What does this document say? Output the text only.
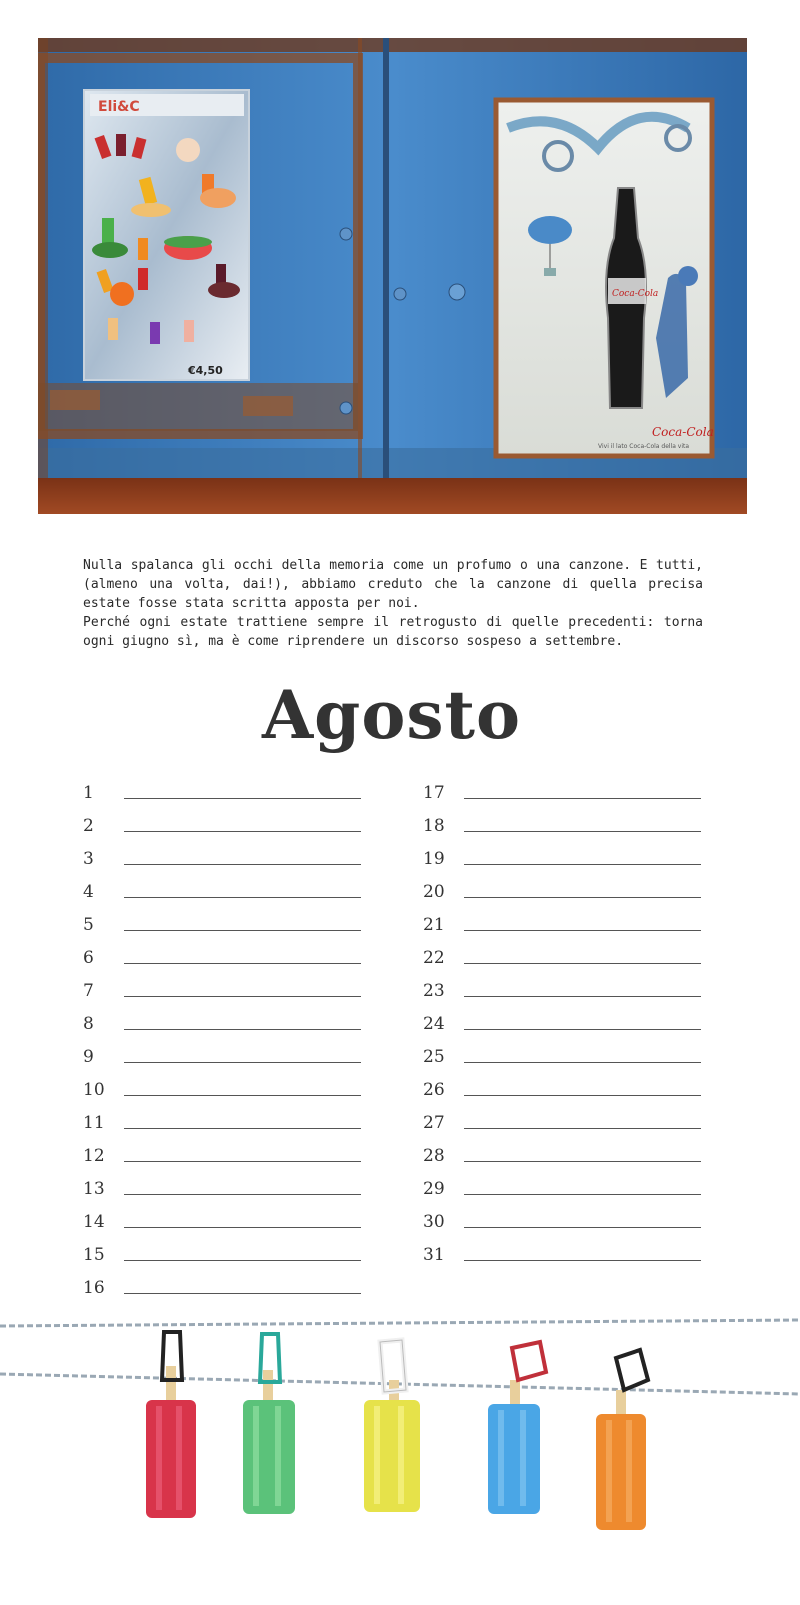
Eli&C
€4,50
Coca-Cola
Coca-Cola
Vivi il lato Coca-Cola della vita

Nulla spalanca gli occhi della memoria come un profumo o una canzone. E tutti, (almeno una volta, dai!), abbiamo creduto che la canzone di quella precisa estate fosse stata scritta apposta per noi.

Perché ogni estate trattiene sempre il retrogusto di quelle precedenti: torna ogni giugno sì, ma è come riprendere un discorso sospeso a settembre.

Agosto
1
2
3
4
5
6
7
8
9
10
11
12
13
14
15
16
17
18
19
20
21
22
23
24
25
26
27
28
29
30
31
